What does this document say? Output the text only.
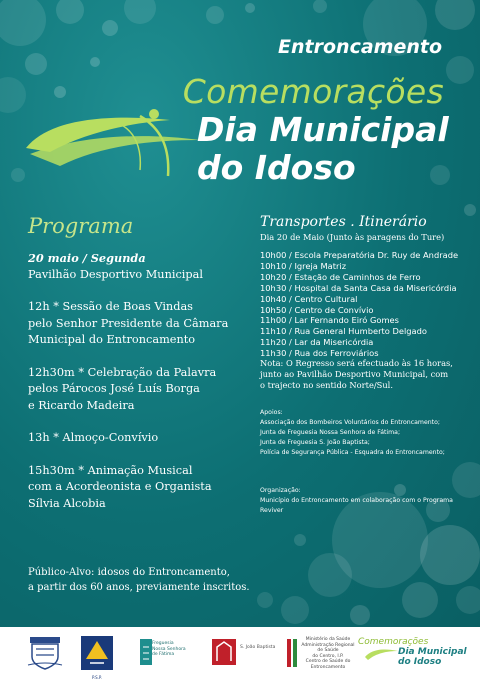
Entroncamento
Comemorações
Dia Municipal
do Idoso
Programa
20 maio / Segunda
Pavilhão Desportivo Municipal
12h * Sessão de Boas Vindas
pelo Senhor Presidente da Câmara
Municipal do Entroncamento
12h30m * Celebração da Palavra
pelos Párocos José Luís Borga
e Ricardo Madeira
13h * Almoço-Convívio
15h30m * Animação Musical
com a Acordeonista e Organista
Sílvia Alcobia
Público-Alvo: idosos do Entroncamento,
a partir dos 60 anos, previamente inscritos.
Transportes . Itinerário
Dia 20 de Maio (Junto às paragens do Ture)
10h00 / Escola Preparatória Dr. Ruy de Andrade
10h10 / Igreja Matriz
10h20 / Estação de Caminhos de Ferro
10h30 / Hospital da Santa Casa da Misericórdia
10h40 / Centro Cultural
10h50 / Centro de Convívio
11h00 / Lar Fernando Eiró Gomes
11h10 / Rua General Humberto Delgado
11h20 / Lar da Misericórdia
11h30 / Rua dos Ferroviários
Nota: O Regresso será efectuado às 16 horas,
junto ao Pavilhão Desportivo Municipal, com
o trajecto no sentido Norte/Sul.
Apoios:
Associação dos Bombeiros Voluntários do Entroncamento;
Junta de Freguesia Nossa Senhora de Fátima;
Junta de Freguesia S. João Baptista;
Polícia de Segurança Pública - Esquadra do Entroncamento;
Organização:
Município do Entroncamento em colaboração com o Programa Reviver
P.S.P.
Freguesia
Nossa Senhora
de Fátima
S. João Baptista
Ministério da Saúde
Administração Regional de Saúde
do Centro, I.P.
Centro de Saúde do Entroncamento
Comemorações
Dia Municipal
do Idoso
